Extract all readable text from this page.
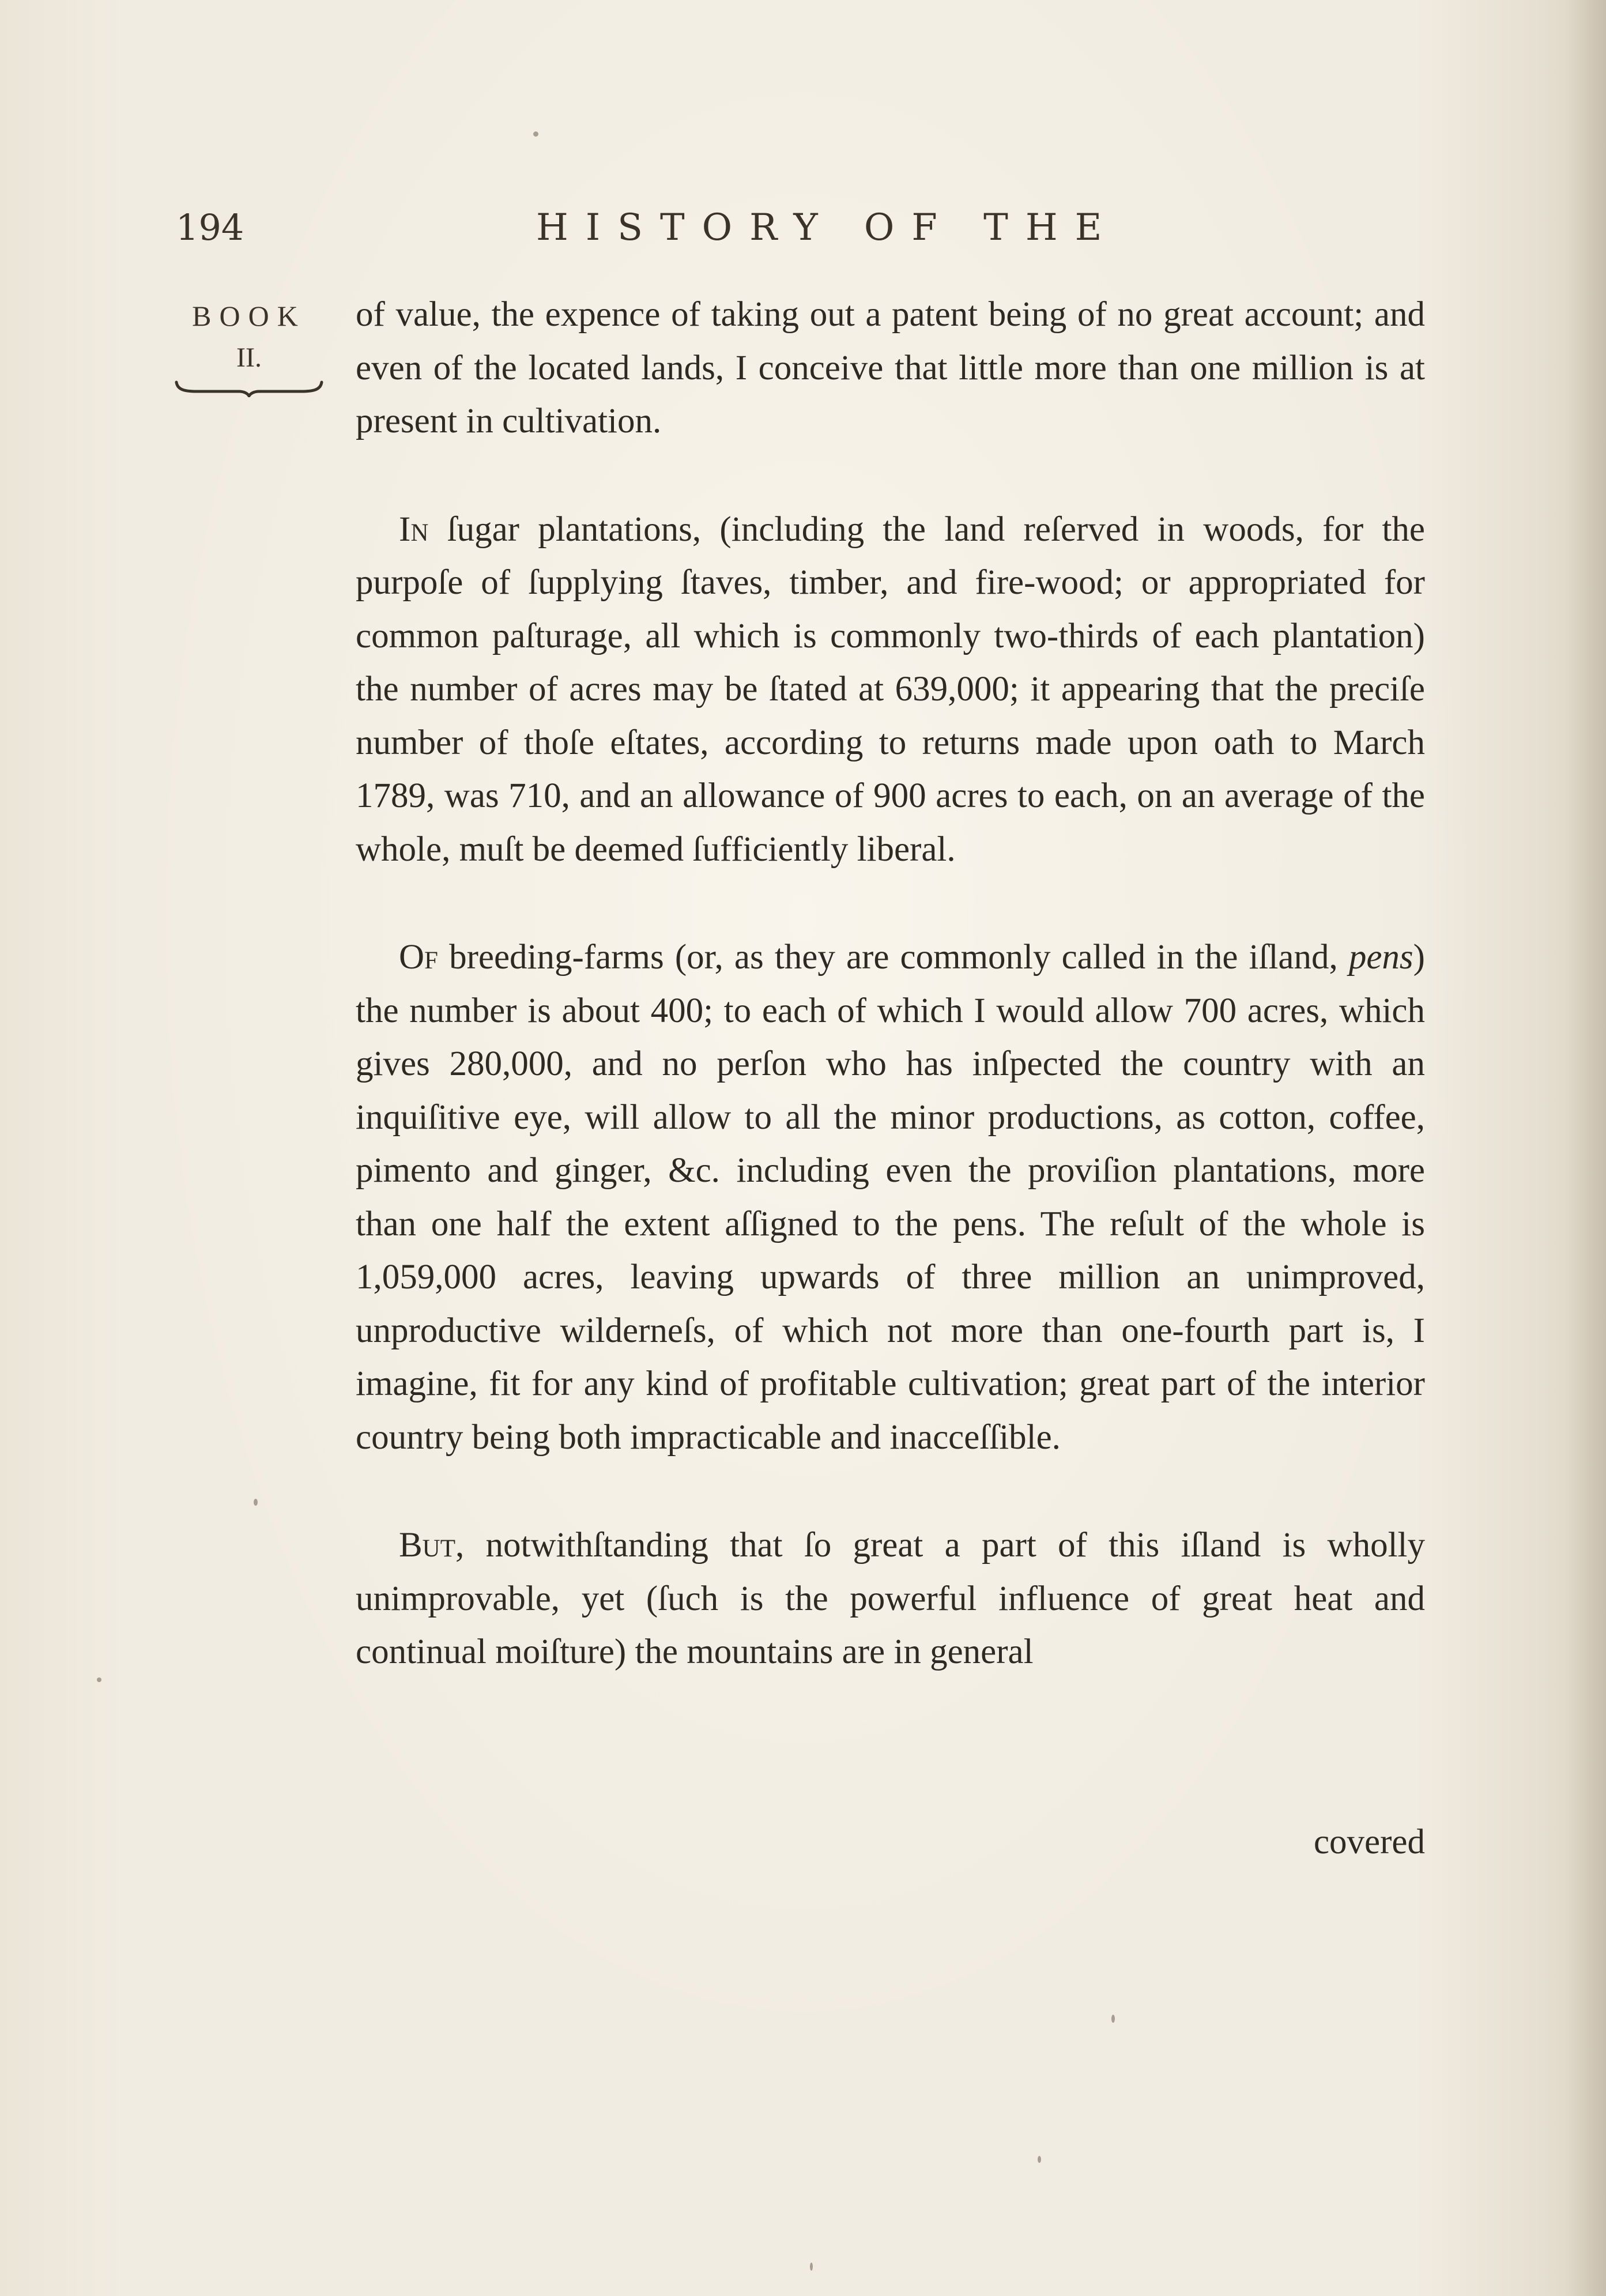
194	HISTORY OF THE
BOOK
II.

of value, the expence of taking out a patent being of no great account; and even of the located lands, I conceive that little more than one million is at present in cultivation.

In ſugar plantations, (including the land reſerved in woods, for the purpoſe of ſupplying ſtaves, timber, and fire-wood; or appropriated for common paſturage, all which is commonly two-thirds of each plantation) the number of acres may be ſtated at 639,000; it appearing that the preciſe number of thoſe eſtates, according to returns made upon oath to March 1789, was 710, and an allowance of 900 acres to each, on an average of the whole, muſt be deemed ſufficiently liberal.

Of breeding-farms (or, as they are commonly called in the iſland, pens) the number is about 400; to each of which I would allow 700 acres, which gives 280,000, and no perſon who has inſpected the country with an inquiſitive eye, will allow to all the minor productions, as cotton, coffee, pimento and ginger, &c. including even the proviſion plantations, more than one half the extent aſſigned to the pens. The reſult of the whole is 1,059,000 acres, leaving upwards of three million an unimproved, unproductive wilderneſs, of which not more than one-fourth part is, I imagine, fit for any kind of profitable cultivation; great part of the interior country being both impracticable and inacceſſible.

But, notwithſtanding that ſo great a part of this iſland is wholly unimprovable, yet (ſuch is the powerful influence of great heat and continual moiſture) the mountains are in general

covered
